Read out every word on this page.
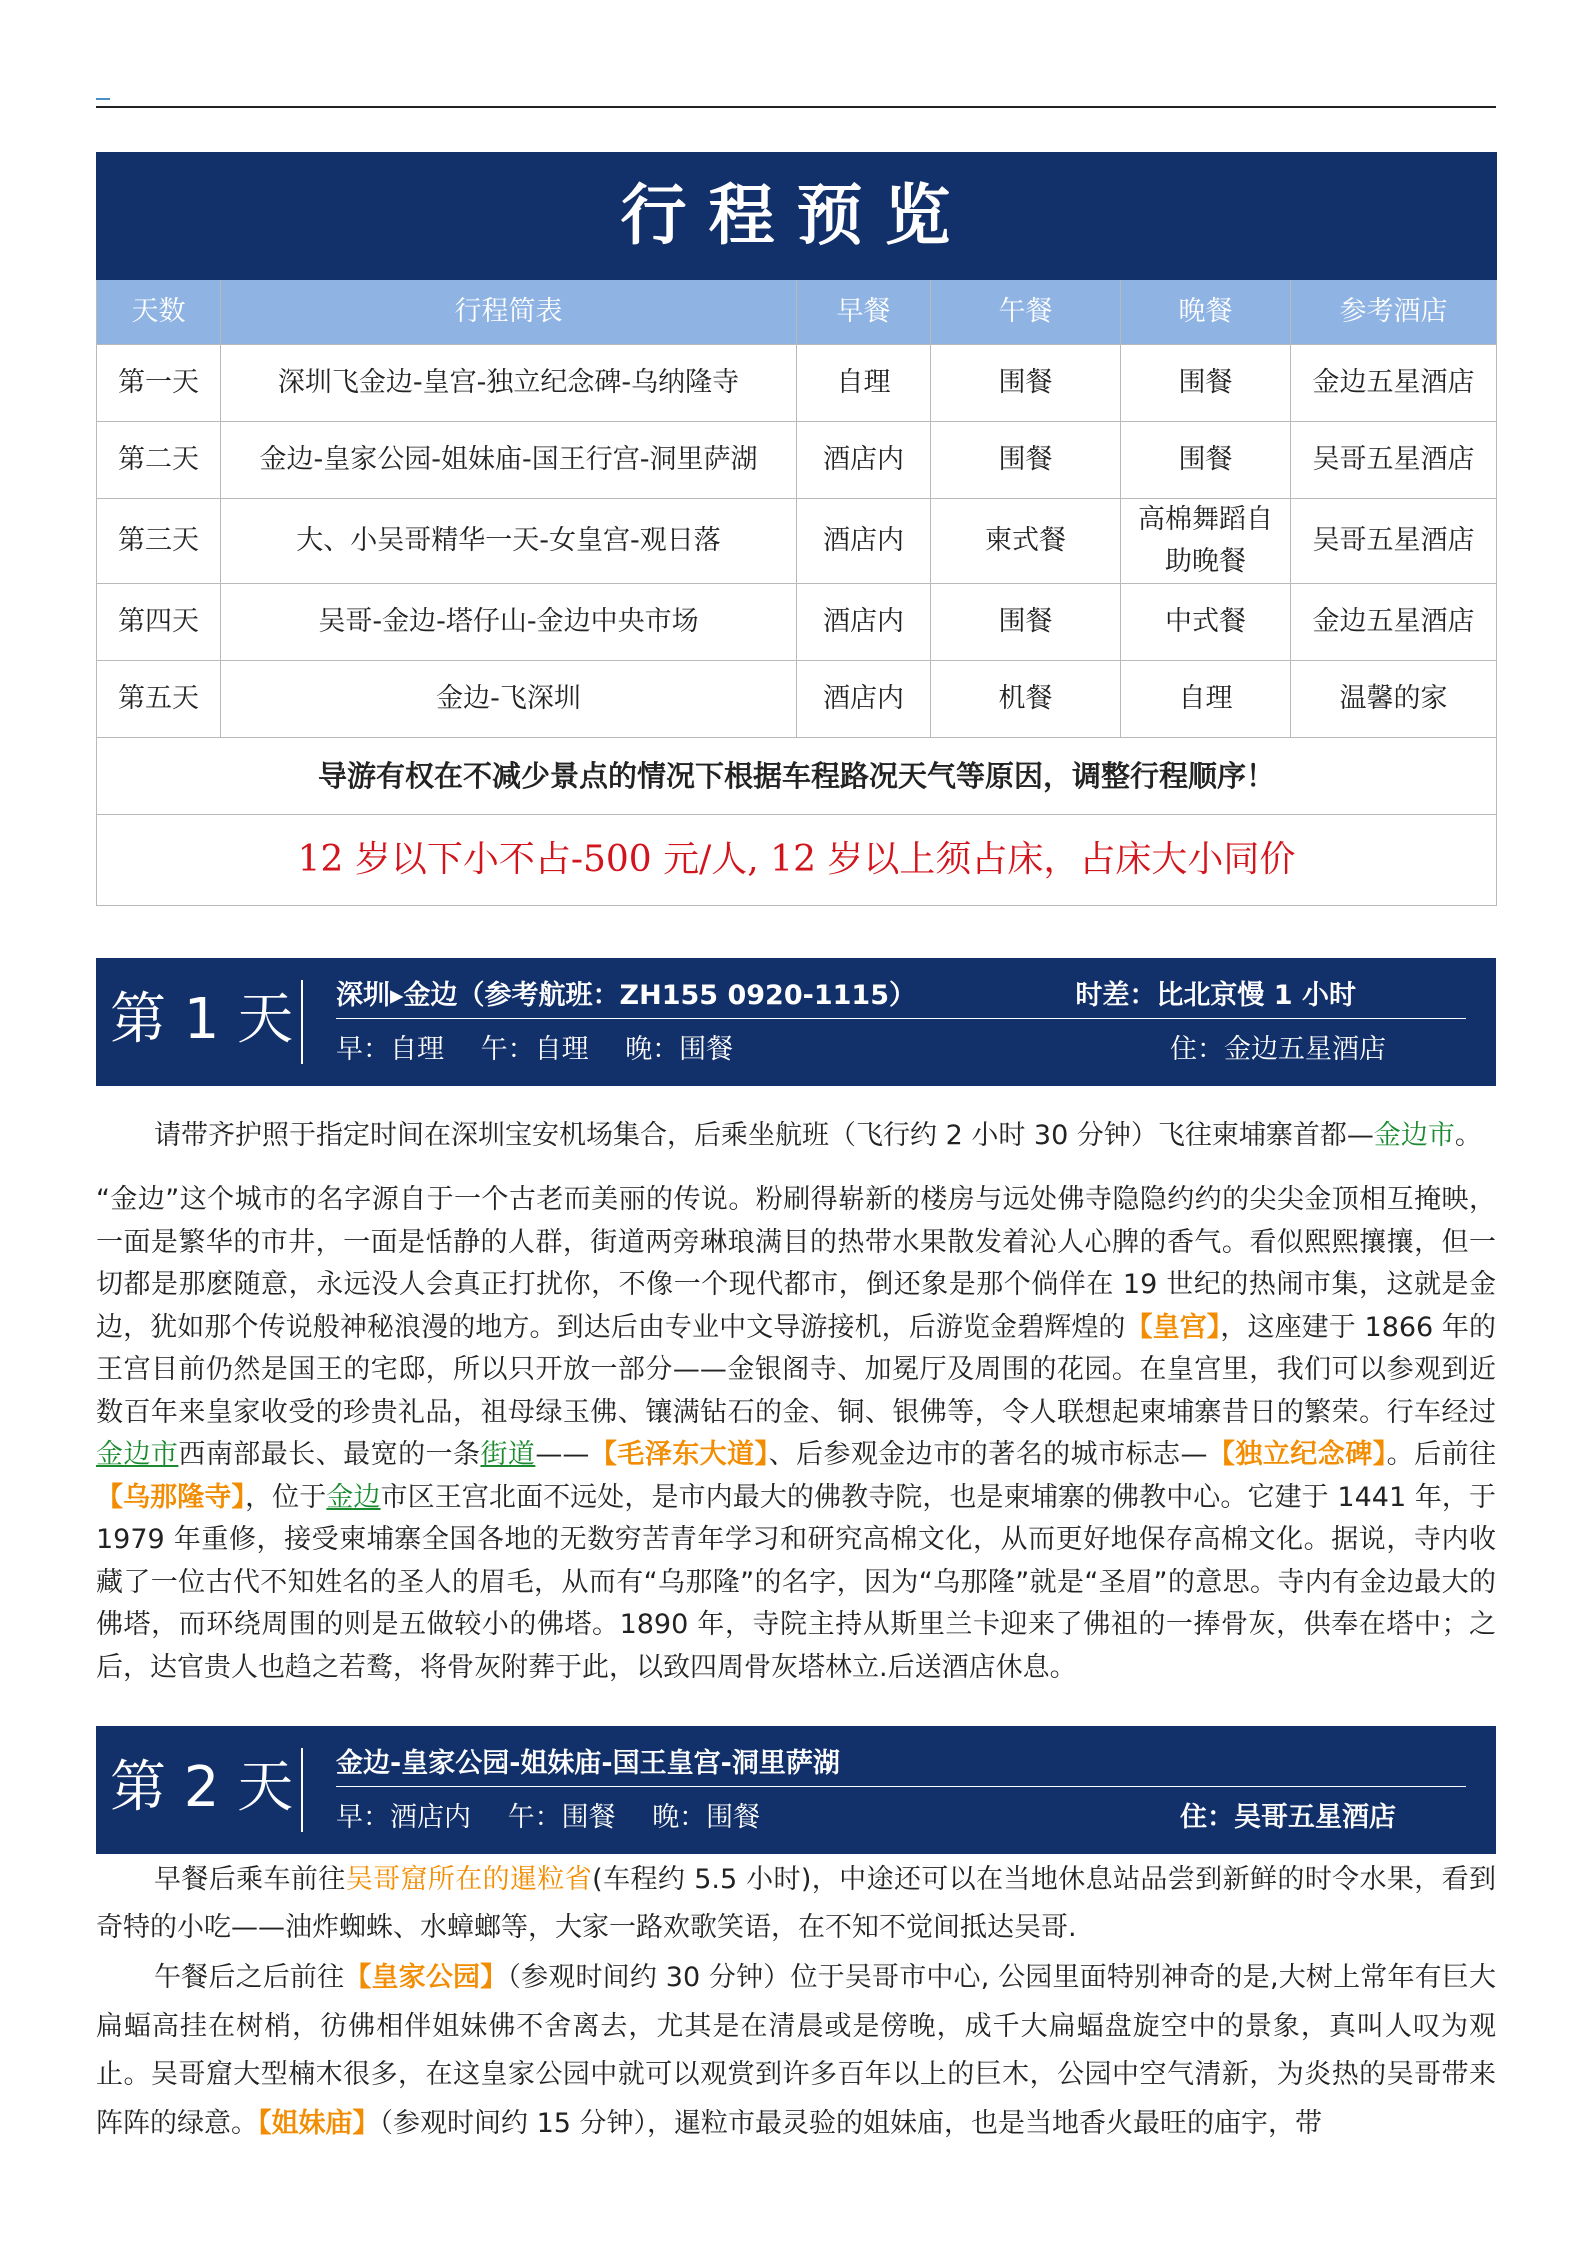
行程预览					
天数	行程简表	早餐	午餐	晚餐	参考酒店
第一天	深圳飞金边-皇宫-独立纪念碑-乌纳隆寺	自理	围餐	围餐	金边五星酒店
第二天	金边-皇家公园-姐妹庙-国王行宫-洞里萨湖	酒店内	围餐	围餐	吴哥五星酒店
第三天	大、小吴哥精华一天-女皇宫-观日落	酒店内	柬式餐	高棉舞蹈自助晚餐	吴哥五星酒店
第四天	吴哥-金边-塔仔山-金边中央市场	酒店内	围餐	中式餐	金边五星酒店
第五天	金边-飞深圳	酒店内	机餐	自理	温馨的家
导游有权在不减少景点的情况下根据车程路况天气等原因，调整行程顺序！					
12 岁以下小不占-500 元/人, 12 岁以上须占床，占床大小同价					
第 1 天 深圳▸金边（参考航班：ZH155 0920-1115）	时差：比北京慢 1 小时
早：自理 午：自理 晚：围餐	住：金边五星酒店
请带齐护照于指定时间在深圳宝安机场集合，后乘坐航班（飞行约 2 小时 30 分钟）飞往柬埔寨首都—金边市。
“金边”这个城市的名字源自于一个古老而美丽的传说。粉刷得崭新的楼房与远处佛寺隐隐约约的尖尖金顶相互掩映，一面是繁华的市井，一面是恬静的人群，街道两旁琳琅满目的热带水果散发着沁人心脾的香气。看似熙熙攘攘，但一切都是那麽随意，永远没人会真正打扰你，不像一个现代都市，倒还象是那个倘佯在 19 世纪的热闹市集，这就是金边，犹如那个传说般神秘浪漫的地方。到达后由专业中文导游接机，后游览金碧辉煌的【皇宫】，这座建于 1866 年的王宫目前仍然是国王的宅邸，所以只开放一部分——金银阁寺、加冕厅及周围的花园。在皇宫里，我们可以参观到近数百年来皇家收受的珍贵礼品，祖母绿玉佛、镶满钻石的金、铜、银佛等，令人联想起柬埔寨昔日的繁荣。行车经过金边市西南部最长、最宽的一条街道——【毛泽东大道】、后参观金边市的著名的城市标志—【独立纪念碑】。后前往【乌那隆寺】，位于金边市区王宫北面不远处，是市内最大的佛教寺院，也是柬埔寨的佛教中心。它建于 1441 年，于 1979 年重修，接受柬埔寨全国各地的无数穷苦青年学习和研究高棉文化，从而更好地保存高棉文化。据说，寺内收藏了一位古代不知姓名的圣人的眉毛，从而有“乌那隆”的名字，因为“乌那隆”就是“圣眉”的意思。寺内有金边最大的佛塔，而环绕周围的则是五做较小的佛塔。1890 年，寺院主持从斯里兰卡迎来了佛祖的一捧骨灰，供奉在塔中；之后，达官贵人也趋之若鹜，将骨灰附葬于此，以致四周骨灰塔林立.后送酒店休息。
第 2 天 金边-皇家公园-姐妹庙-国王皇宫-洞里萨湖
早：酒店内 午：围餐 晚：围餐	住：吴哥五星酒店
早餐后乘车前往吴哥窟所在的暹粒省(车程约 5.5 小时)，中途还可以在当地休息站品尝到新鲜的时令水果，看到奇特的小吃——油炸蜘蛛、水蟑螂等，大家一路欢歌笑语，在不知不觉间抵达吴哥.
午餐后之后前往【皇家公园】（参观时间约 30 分钟）位于吴哥市中心, 公园里面特别神奇的是,大树上常年有巨大扁蝠高挂在树梢，彷佛相伴姐妹佛不舍离去，尤其是在清晨或是傍晚，成千大扁蝠盘旋空中的景象，真叫人叹为观止。吴哥窟大型楠木很多，在这皇家公园中就可以观赏到许多百年以上的巨木，公园中空气清新，为炎热的吴哥带来阵阵的绿意。【姐妹庙】（参观时间约 15 分钟），暹粒市最灵验的姐妹庙，也是当地香火最旺的庙宇，带
